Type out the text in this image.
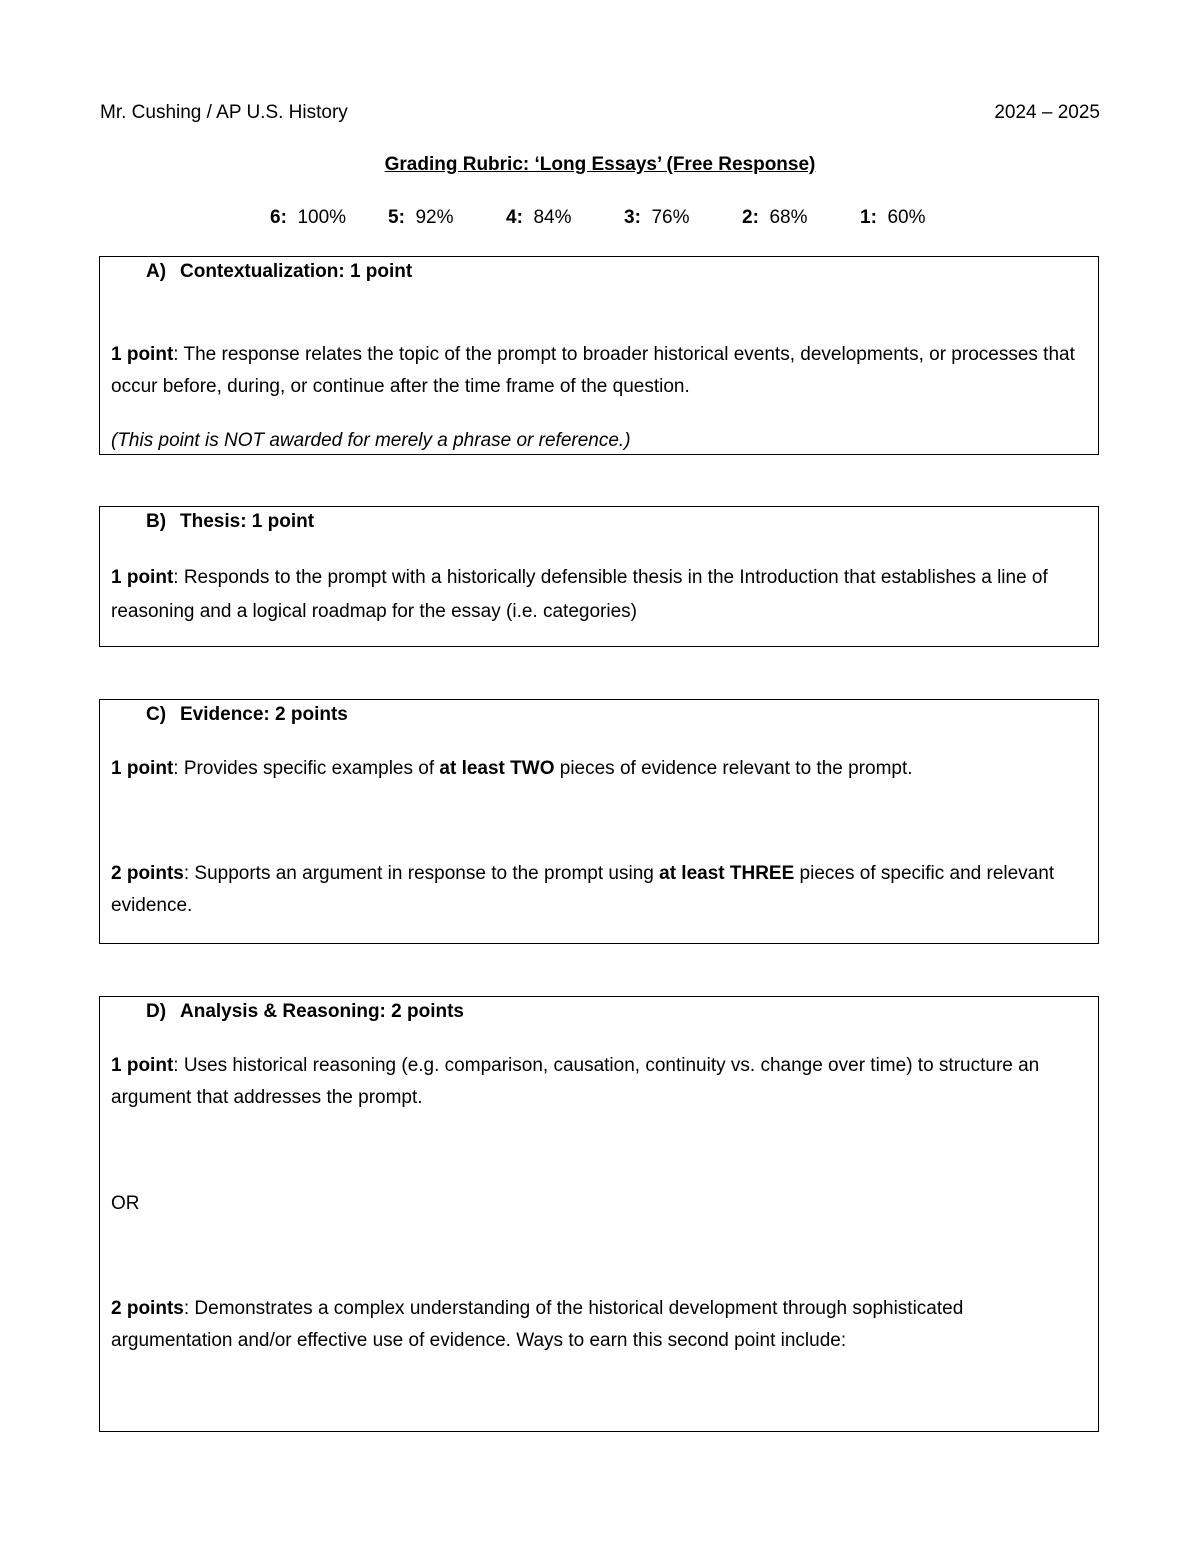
Mr. Cushing / AP U.S. History	2024 – 2025
Grading Rubric: ‘Long Essays’ (Free Response)
6: 100%	5: 92%	4: 84%	3: 76%	2: 68%	1: 60%
A) Contextualization: 1 point
1 point: The response relates the topic of the prompt to broader historical events, developments, or processes that occur before, during, or continue after the time frame of the question.
(This point is NOT awarded for merely a phrase or reference.)
B) Thesis: 1 point
1 point: Responds to the prompt with a historically defensible thesis in the Introduction that establishes a line of reasoning and a logical roadmap for the essay (i.e. categories)
C) Evidence: 2 points
1 point: Provides specific examples of at least TWO pieces of evidence relevant to the prompt.
2 points: Supports an argument in response to the prompt using at least THREE pieces of specific and relevant evidence.
D) Analysis & Reasoning: 2 points
1 point: Uses historical reasoning (e.g. comparison, causation, continuity vs. change over time) to structure an argument that addresses the prompt.
OR
2 points: Demonstrates a complex understanding of the historical development through sophisticated argumentation and/or effective use of evidence. Ways to earn this second point include:
